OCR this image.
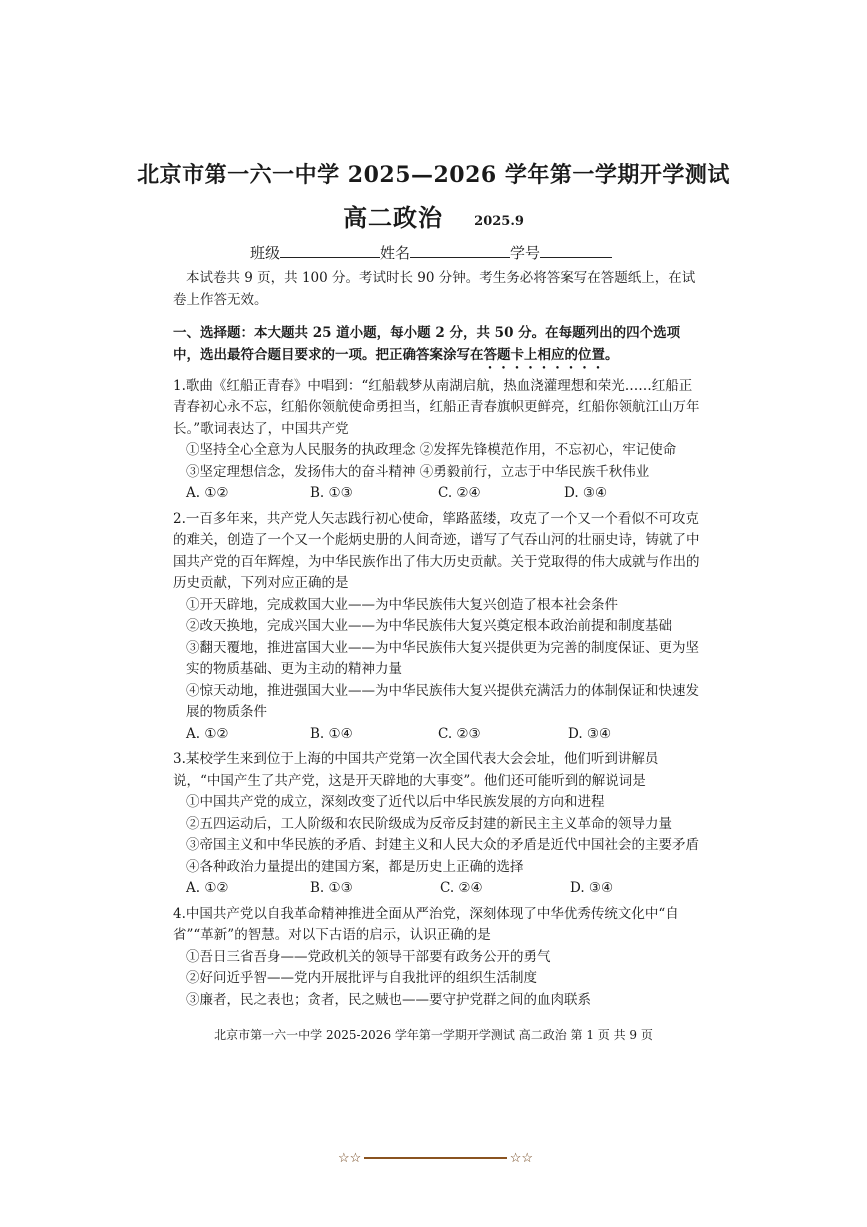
北京市第一六一中学 2025—2026 学年第一学期开学测试
高二政治 2025.9
班级	姓名	学号

本试卷共 9 页，共 100 分。考试时长 90 分钟。考生务必将答案写在答题纸上，在试卷上作答无效。

一、选择题：本大题共 25 道小题，每小题 2 分，共 50 分。在每题列出的四个选项中，选出最符合题目要求的一项。把正确答案涂写在答题卡上相应的位置。

1.歌曲《红船正青春》中唱到：“红船载梦从南湖启航，热血浇灌理想和荣光……红船正青春初心永不忘，红船你领航使命勇担当，红船正青春旗帜更鲜亮，红船你领航江山万年长。”歌词表达了，中国共产党

①坚持全心全意为人民服务的执政理念 ②发挥先锋模范作用，不忘初心，牢记使命

③坚定理想信念，发扬伟大的奋斗精神 ④勇毅前行，立志于中华民族千秋伟业

A. ①②	B. ①③	C. ②④	D. ③④

2.一百多年来，共产党人矢志践行初心使命，筚路蓝缕，攻克了一个又一个看似不可攻克的难关，创造了一个又一个彪炳史册的人间奇迹，谱写了气吞山河的壮丽史诗，铸就了中国共产党的百年辉煌，为中华民族作出了伟大历史贡献。关于党取得的伟大成就与作出的历史贡献，下列对应正确的是

①开天辟地，完成救国大业——为中华民族伟大复兴创造了根本社会条件

②改天换地，完成兴国大业——为中华民族伟大复兴奠定根本政治前提和制度基础

③翻天覆地，推进富国大业——为中华民族伟大复兴提供更为完善的制度保证、更为坚实的物质基础、更为主动的精神力量

④惊天动地，推进强国大业——为中华民族伟大复兴提供充满活力的体制保证和快速发展的物质条件

A. ①②	B. ①④	C. ②③	D. ③④

3.某校学生来到位于上海的中国共产党第一次全国代表大会会址，他们听到讲解员说，“中国产生了共产党，这是开天辟地的大事变”。他们还可能听到的解说词是

①中国共产党的成立，深刻改变了近代以后中华民族发展的方向和进程

②五四运动后，工人阶级和农民阶级成为反帝反封建的新民主主义革命的领导力量

③帝国主义和中华民族的矛盾、封建主义和人民大众的矛盾是近代中国社会的主要矛盾

④各种政治力量提出的建国方案，都是历史上正确的选择

A. ①②	B. ①③	C. ②④	D. ③④

4.中国共产党以自我革命精神推进全面从严治党，深刻体现了中华优秀传统文化中“自省”“革新”的智慧。对以下古语的启示，认识正确的是

①吾日三省吾身——党政机关的领导干部要有政务公开的勇气

②好问近乎智——党内开展批评与自我批评的组织生活制度

③廉者，民之表也；贪者，民之贼也——要守护党群之间的血肉联系

北京市第一六一中学 2025-2026 学年第一学期开学测试 高二政治 第 1 页 共 9 页
☆☆	☆☆
